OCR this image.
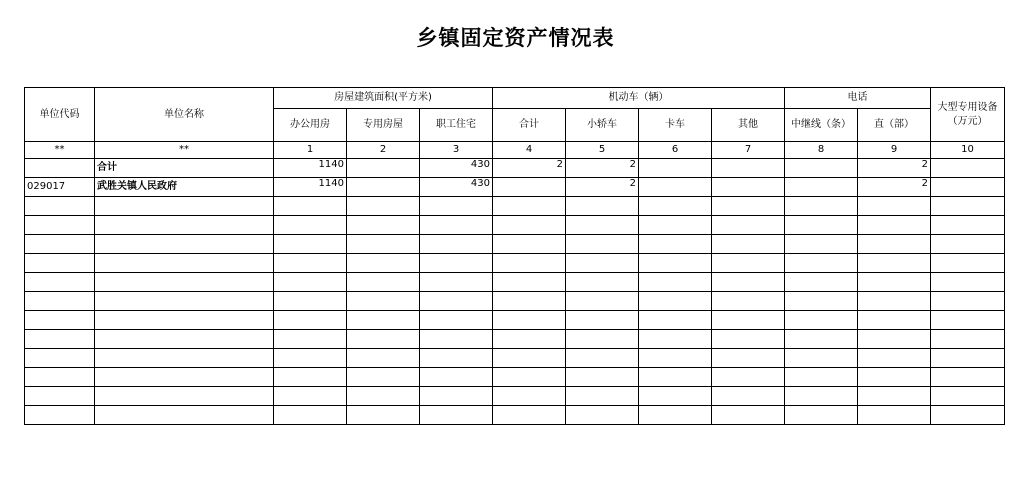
乡镇固定资产情况表
单位代码	单位名称	房屋建筑面积(平方米)			机动车（辆）				电话		大型专用设备（万元）
		办公用房	专用房屋	职工住宅	合计	小轿车	卡车	其他	中继线（条）	直（部）	
**	**	1	2	3	4	5	6	7	8	9	10
	合计	1140		430	2	2				2	
029017	武胜关镇人民政府	1140		430		2				2	
